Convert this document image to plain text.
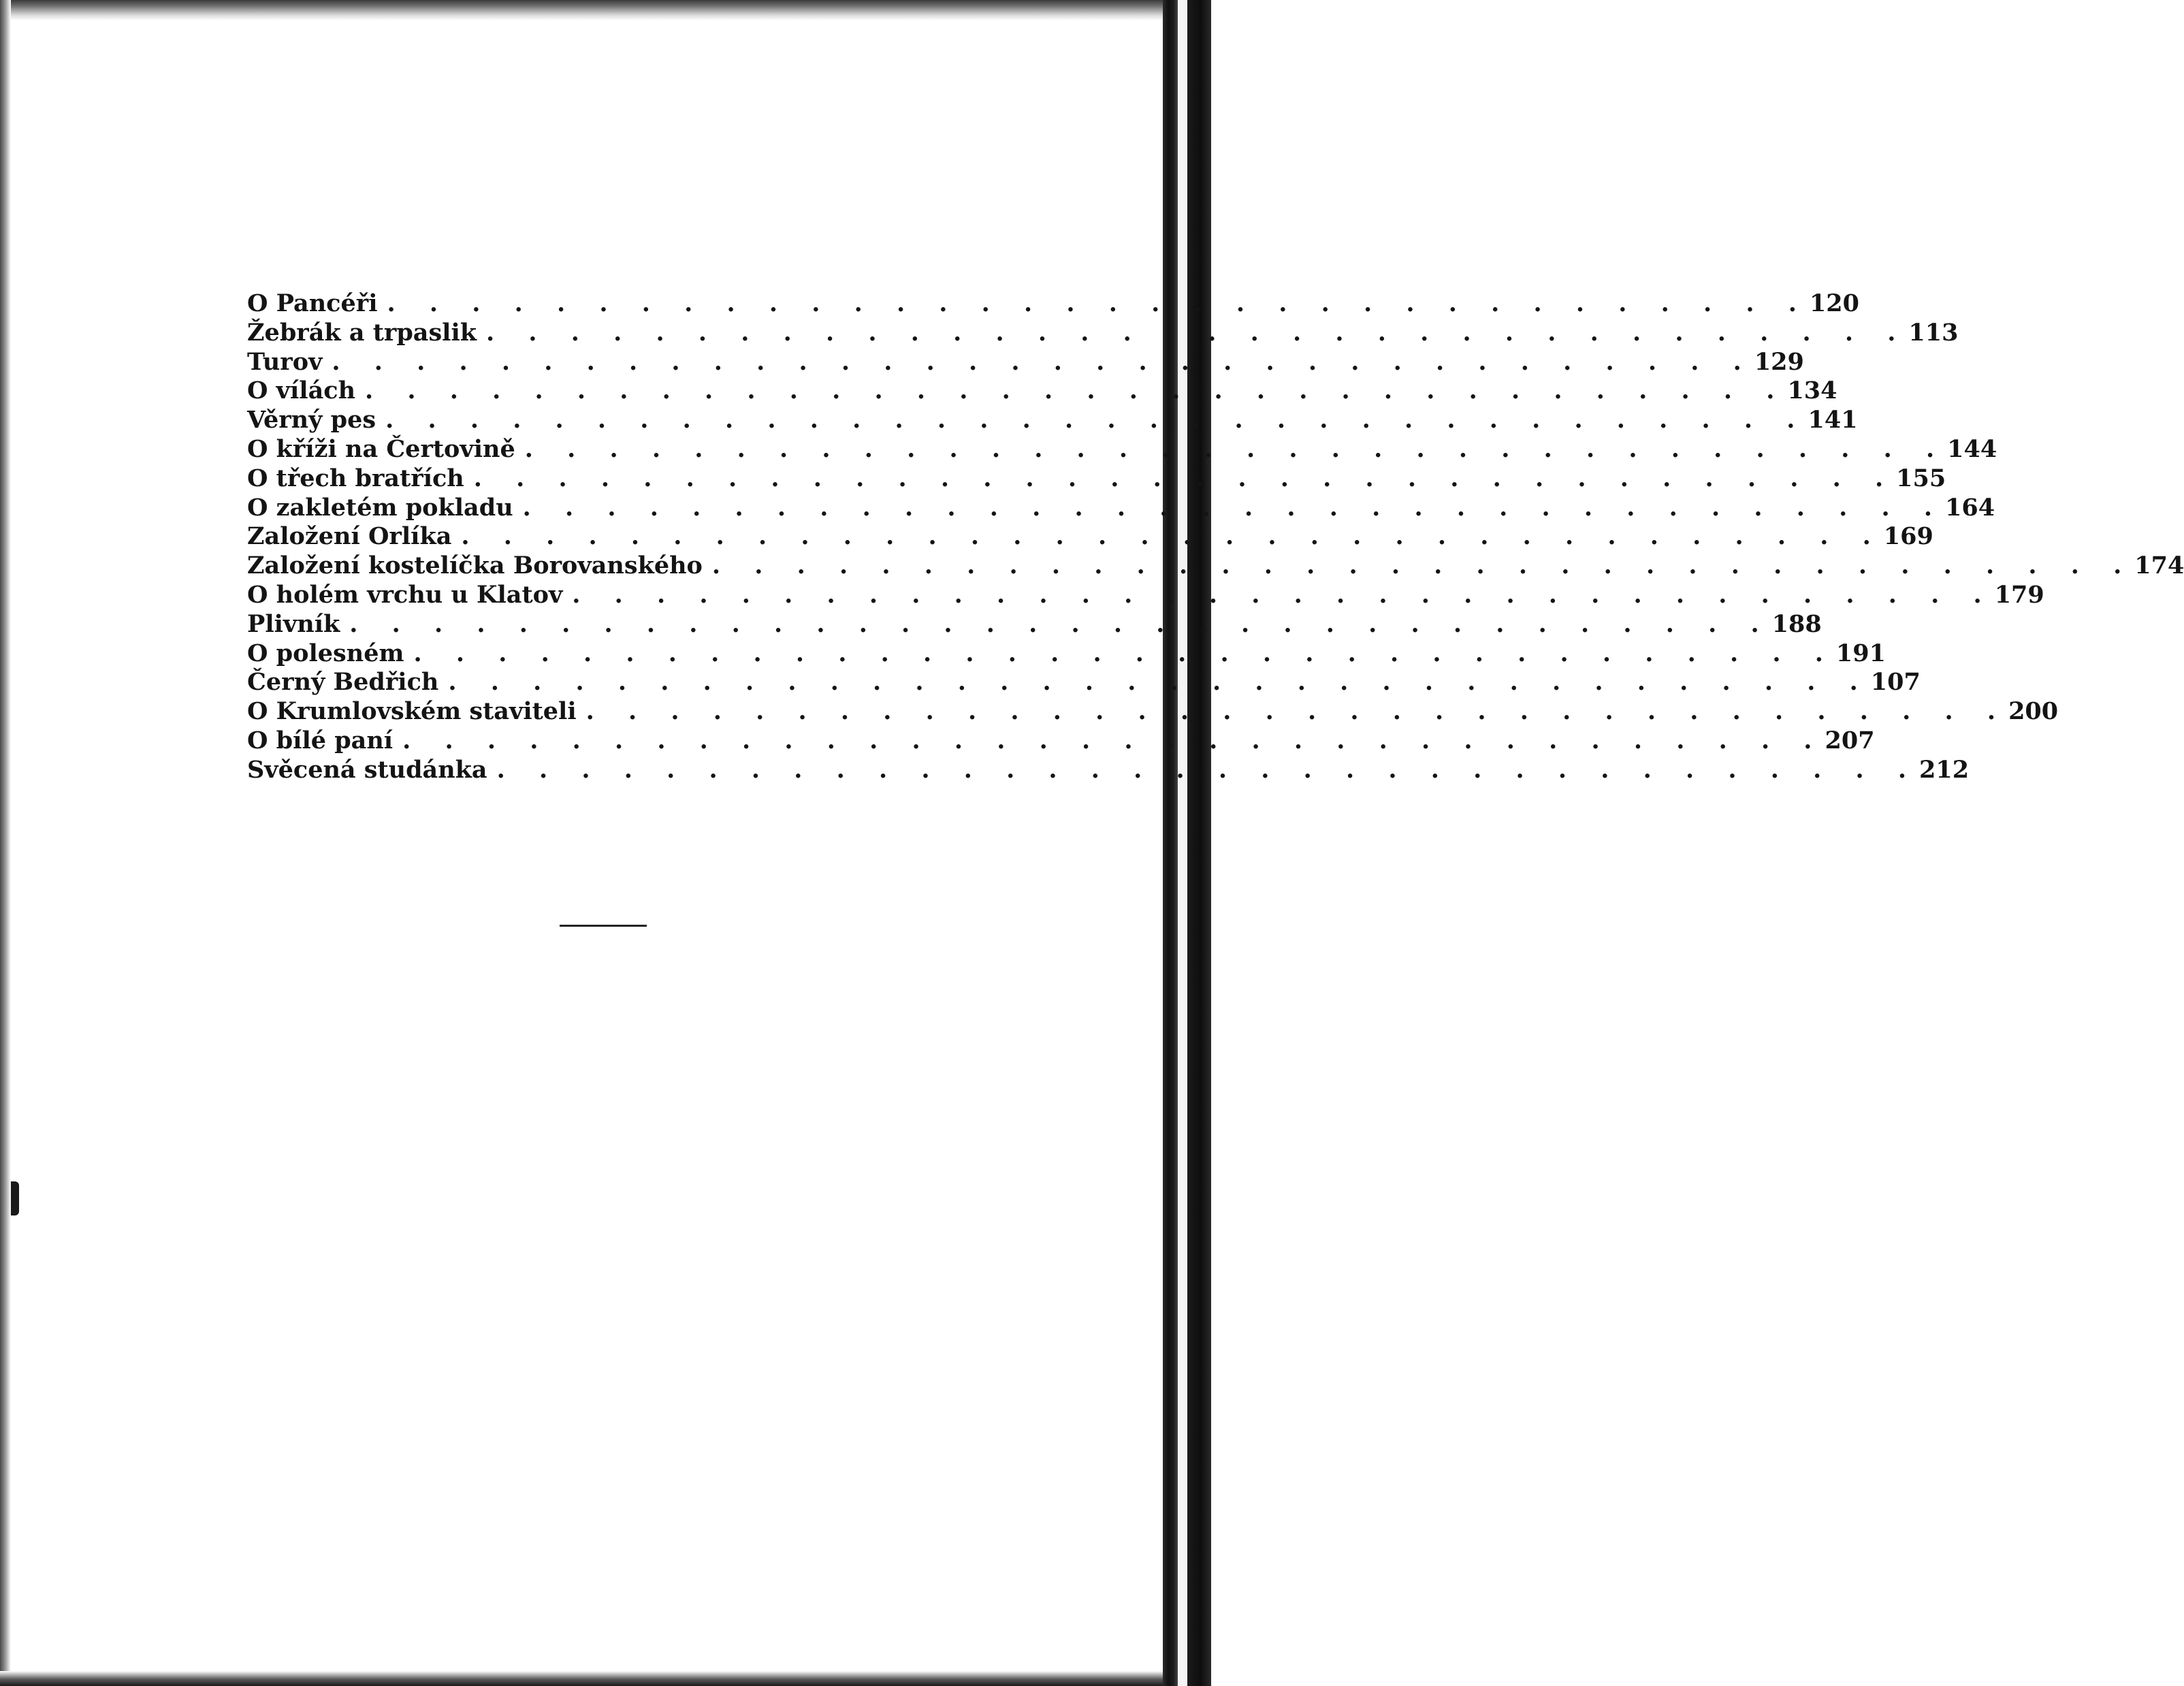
O Pancéři . . . . . . . . . . . . . . . . . . . . . . . . . . . . . . . . . . 120
Žebrák a trpaslik . . . . . . . . . . . . . . . . . . . . . . . . . . . . . . . . . . 113
Turov . . . . . . . . . . . . . . . . . . . . . . . . . . . . . . . . . . 129
O vílách . . . . . . . . . . . . . . . . . . . . . . . . . . . . . . . . . . 134
Věrný pes . . . . . . . . . . . . . . . . . . . . . . . . . . . . . . . . . . 141
O kříži na Čertovině . . . . . . . . . . . . . . . . . . . . . . . . . . . . . . . . . . 144
O třech bratřích . . . . . . . . . . . . . . . . . . . . . . . . . . . . . . . . . . 155
O zakletém pokladu . . . . . . . . . . . . . . . . . . . . . . . . . . . . . . . . . . 164
Založení Orlíka . . . . . . . . . . . . . . . . . . . . . . . . . . . . . . . . . . 169
Založení kostelíčka Borovanského . . . . . . . . . . . . . . . . . . . . . . . . . . . . . . . . . . 174
O holém vrchu u Klatov . . . . . . . . . . . . . . . . . . . . . . . . . . . . . . . . . . 179
Plivník . . . . . . . . . . . . . . . . . . . . . . . . . . . . . . . . . . 188
O polesném . . . . . . . . . . . . . . . . . . . . . . . . . . . . . . . . . . 191
Černý Bedřich . . . . . . . . . . . . . . . . . . . . . . . . . . . . . . . . . . 107
O Krumlovském staviteli . . . . . . . . . . . . . . . . . . . . . . . . . . . . . . . . . . 200
O bílé paní . . . . . . . . . . . . . . . . . . . . . . . . . . . . . . . . . . 207
Svěcená studánka . . . . . . . . . . . . . . . . . . . . . . . . . . . . . . . . . . 212
